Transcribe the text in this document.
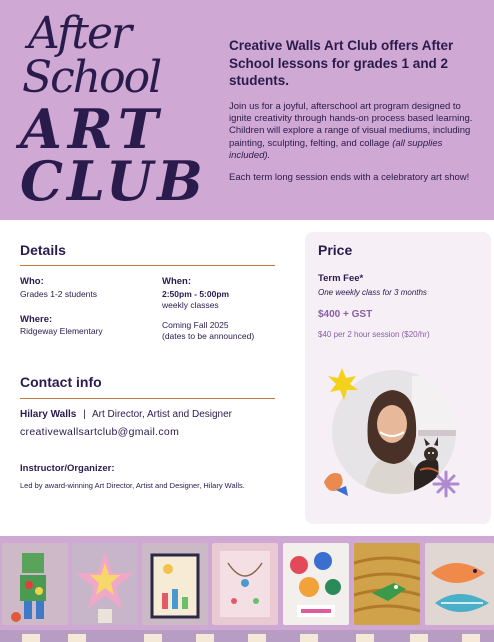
After
School
ART
CLUB
Creative Walls Art Club offers After School lessons for grades 1 and 2 students.
Join us for a joyful, afterschool art program designed to ignite creativity through hands-on process based learning. Children will explore a range of visual mediums, including painting, sculpting, felting, and collage (all supplies included).
Each term long session ends with a celebratory art show!
Details
Who:
Grades 1-2 students
Where:
Ridgeway Elementary
When:
2:50pm - 5:00pm
weekly classes
Coming Fall 2025
(dates to be announced)
Contact info
Hilary Walls | Art Director, Artist and Designer
creativewallsartclub@gmail.com
Instructor/Organizer:
Led by award-winning Art Director, Artist and Designer, Hilary Walls.
Price
Term Fee*
One weekly class for 3 months
$400 + GST
$40 per 2 hour session ($20/hr)
